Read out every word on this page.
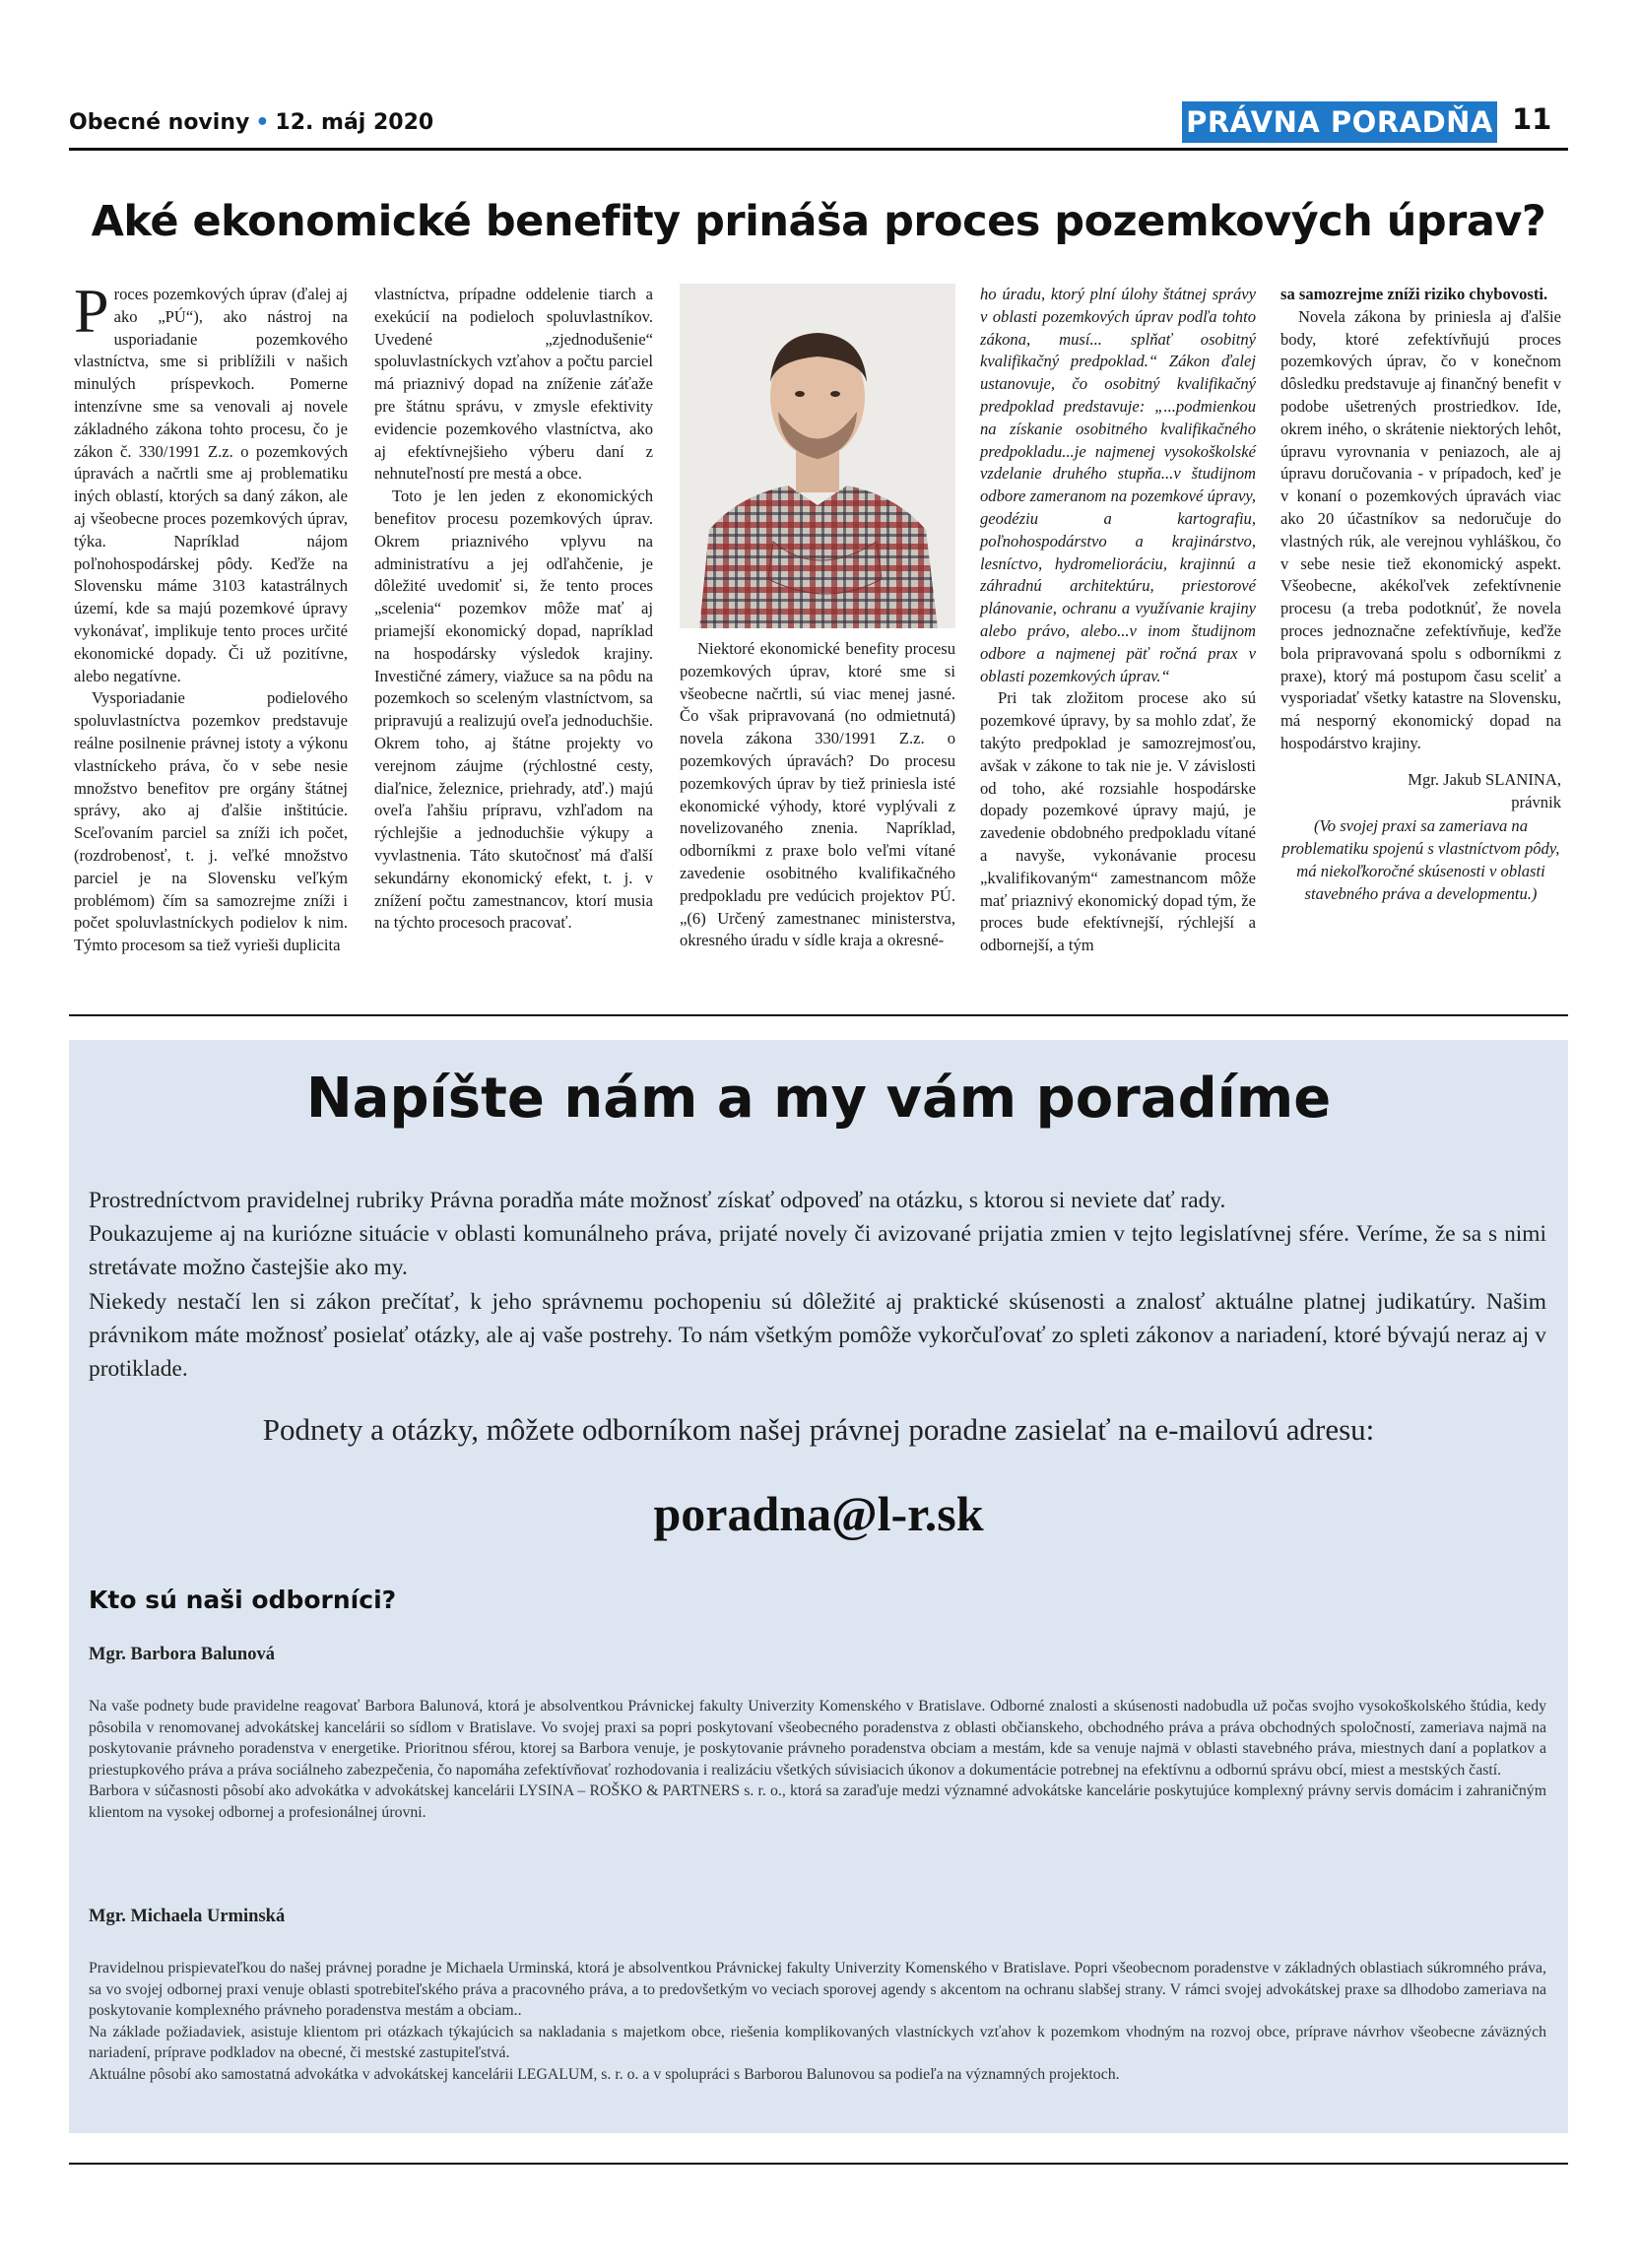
Obecné noviny • 12. máj 2020	PRÁVNA PORADŇA 11
Aké ekonomické benefity prináša proces pozemkových úprav?

Proces pozemkových úprav (ďalej aj ako „PÚ“), ako nástroj na usporiadanie pozemkového vlastníctva, sme si priblížili v našich minulých príspevkoch. Pomerne intenzívne sme sa venovali aj novele základného zákona tohto procesu, čo je zákon č. 330/1991 Z.z. o pozemkových úpravách a načrtli sme aj problematiku iných oblastí, ktorých sa daný zákon, ale aj všeobecne proces pozemkových úprav, týka. Napríklad nájom poľnohospodárskej pôdy. Keďže na Slovensku máme 3103 katastrálnych území, kde sa majú pozemkové úpravy vykonávať, implikuje tento proces určité ekonomické dopady. Či už pozitívne, alebo negatívne.

Vysporiadanie podielového spoluvlastníctva pozemkov predstavuje reálne posilnenie právnej istoty a výkonu vlastníckeho práva, čo v sebe nesie množstvo benefitov pre orgány štátnej správy, ako aj ďalšie inštitúcie. Sceľovaním parciel sa zníži ich počet, (rozdrobenosť, t. j. veľké množstvo parciel je na Slovensku veľkým problémom) čím sa samozrejme zníži i počet spoluvlastníckych podielov k nim. Týmto procesom sa tiež vyrieši duplicita

vlastníctva, prípadne oddelenie tiarch a exekúcií na podieloch spoluvlastníkov. Uvedené „zjednodušenie“ spoluvlastníckych vzťahov a počtu parciel má priaznivý dopad na zníženie záťaže pre štátnu správu, v zmysle efektivity evidencie pozemkového vlastníctva, ako aj efektívnejšieho výberu daní z nehnuteľností pre mestá a obce.

Toto je len jeden z ekonomických benefitov procesu pozemkových úprav. Okrem priaznivého vplyvu na administratívu a jej odľahčenie, je dôležité uvedomiť si, že tento proces „scelenia“ pozemkov môže mať aj priamejší ekonomický dopad, napríklad na hospodársky výsledok krajiny. Investičné zámery, viažuce sa na pôdu na pozemkoch so sceleným vlastníctvom, sa pripravujú a realizujú oveľa jednoduchšie. Okrem toho, aj štátne projekty vo verejnom záujme (rýchlostné cesty, diaľnice, železnice, priehrady, atď.) majú oveľa ľahšiu prípravu, vzhľadom na rýchlejšie a jednoduchšie výkupy a vyvlastnenia. Táto skutočnosť má ďalší sekundárny ekonomický efekt, t. j. v znížení počtu zamestnancov, ktorí musia na týchto procesoch pracovať.

Niektoré ekonomické benefity procesu pozemkových úprav, ktoré sme si všeobecne načrtli, sú viac menej jasné. Čo však pripravovaná (no odmietnutá) novela zákona 330/1991 Z.z. o pozemkových úpravách? Do procesu pozemkových úprav by tiež priniesla isté ekonomické výhody, ktoré vyplývali z novelizovaného znenia. Napríklad, odborníkmi z praxe bolo veľmi vítané zavedenie osobitného kvalifikačného predpokladu pre vedúcich projektov PÚ. „(6) Určený zamestnanec ministerstva, okresného úradu v sídle kraja a okresné-

ho úradu, ktorý plní úlohy štátnej správy v oblasti pozemkových úprav podľa tohto zákona, musí... splňať osobitný kvalifikačný predpoklad.“ Zákon ďalej ustanovuje, čo osobitný kvalifikačný predpoklad predstavuje: „...podmienkou na získanie osobitného kvalifikačného predpokladu...je najmenej vysokoškolské vzdelanie druhého stupňa...v študijnom odbore zameranom na pozemkové úpravy, geodéziu a kartografiu, poľnohospodárstvo a krajinárstvo, lesníctvo, hydromelioráciu, krajinnú a záhradnú architektúru, priestorové plánovanie, ochranu a využívanie krajiny alebo právo, alebo...v inom študijnom odbore a najmenej päť ročná prax v oblasti pozemkových úprav.“

Pri tak zložitom procese ako sú pozemkové úpravy, by sa mohlo zdať, že takýto predpoklad je samozrejmosťou, avšak v zákone to tak nie je. V závislosti od toho, aké rozsiahle hospodárske dopady pozemkové úpravy majú, je zavedenie obdobného predpokladu vítané a navyše, vykonávanie procesu „kvalifikovaným“ zamestnancom môže mať priaznivý ekonomický dopad tým, že proces bude efektívnejší, rýchlejší a odbornejší, a tým

sa samozrejme zníži riziko chybovosti.

Novela zákona by priniesla aj ďalšie body, ktoré zefektívňujú proces pozemkových úprav, čo v konečnom dôsledku predstavuje aj finančný benefit v podobe ušetrených prostriedkov. Ide, okrem iného, o skrátenie niektorých lehôt, úpravu vyrovnania v peniazoch, ale aj úpravu doručovania - v prípadoch, keď je v konaní o pozemkových úpravách viac ako 20 účastníkov sa nedoručuje do vlastných rúk, ale verejnou vyhláškou, čo v sebe nesie tiež ekonomický aspekt. Všeobecne, akékoľvek zefektívnenie procesu (a treba podotknúť, že novela proces jednoznačne zefektívňuje, keďže bola pripravovaná spolu s odborníkmi z praxe), ktorý má postupom času sceliť a vysporiadať všetky katastre na Slovensku, má nesporný ekonomický dopad na hospodárstvo krajiny.

Mgr. Jakub SLANINA,
právnik
(Vo svojej praxi sa zameriava na problematiku spojenú s vlastníctvom pôdy, má niekoľkoročné skúsenosti v oblasti stavebného práva a developmentu.)
Napíšte nám a my vám poradíme

Prostredníctvom pravidelnej rubriky Právna poradňa máte možnosť získať odpoveď na otázku, s ktorou si neviete dať rady.

Poukazujeme aj na kuriózne situácie v oblasti komunálneho práva, prijaté novely či avizované prijatia zmien v tejto legislatívnej sfére. Veríme, že sa s nimi stretávate možno častejšie ako my.

Niekedy nestačí len si zákon prečítať, k jeho správnemu pochopeniu sú dôležité aj praktické skúsenosti a znalosť aktuálne platnej judikatúry. Našim právnikom máte možnosť posielať otázky, ale aj vaše postrehy. To nám všetkým pomôže vykorčuľovať zo spleti zákonov a nariadení, ktoré bývajú neraz aj v protiklade.

Podnety a otázky, môžete odborníkom našej právnej poradne zasielať na e-mailovú adresu:
poradna@l-r.sk
Kto sú naši odborníci?
Mgr. Barbora Balunová

Na vaše podnety bude pravidelne reagovať Barbora Balunová, ktorá je absolventkou Právnickej fakulty Univerzity Komenského v Bratislave. Odborné znalosti a skúsenosti nadobudla už počas svojho vysokoškolského štúdia, kedy pôsobila v renomovanej advokátskej kancelárii so sídlom v Bratislave. Vo svojej praxi sa popri poskytovaní všeobecného poradenstva z oblasti občianskeho, obchodného práva a práva obchodných spoločností, zameriava najmä na poskytovanie právneho poradenstva v energetike. Prioritnou sférou, ktorej sa Barbora venuje, je poskytovanie právneho poradenstva obciam a mestám, kde sa venuje najmä v oblasti stavebného práva, miestnych daní a poplatkov a priestupkového práva a práva sociálneho zabezpečenia, čo napomáha zefektívňovať rozhodovania i realizáciu všetkých súvisiacich úkonov a dokumentácie potrebnej na efektívnu a odbornú správu obcí, miest a mestských častí.

Barbora v súčasnosti pôsobí ako advokátka v advokátskej kancelárii LYSINA – ROŠKO & PARTNERS s. r. o., ktorá sa zaraďuje medzi významné advokátske kancelárie poskytujúce komplexný právny servis domácim i zahraničným klientom na vysokej odbornej a profesionálnej úrovni.

Mgr. Michaela Urminská

Pravidelnou prispievateľkou do našej právnej poradne je Michaela Urminská, ktorá je absolventkou Právnickej fakulty Univerzity Komenského v Bratislave. Popri všeobecnom poradenstve v základných oblastiach súkromného práva, sa vo svojej odbornej praxi venuje oblasti spotrebiteľského práva a pracovného práva, a to predovšetkým vo veciach sporovej agendy s akcentom na ochranu slabšej strany. V rámci svojej advokátskej praxe sa dlhodobo zameriava na poskytovanie komplexného právneho poradenstva mestám a obciam..

Na základe požiadaviek, asistuje klientom pri otázkach týkajúcich sa nakladania s majetkom obce, riešenia komplikovaných vlastníckych vzťahov k pozemkom vhodným na rozvoj obce, príprave návrhov všeobecne záväzných nariadení, príprave podkladov na obecné, či mestské zastupiteľstvá.

Aktuálne pôsobí ako samostatná advokátka v advokátskej kancelárii LEGALUM, s. r. o. a v spolupráci s Barborou Balunovou sa podieľa na významných projektoch.
